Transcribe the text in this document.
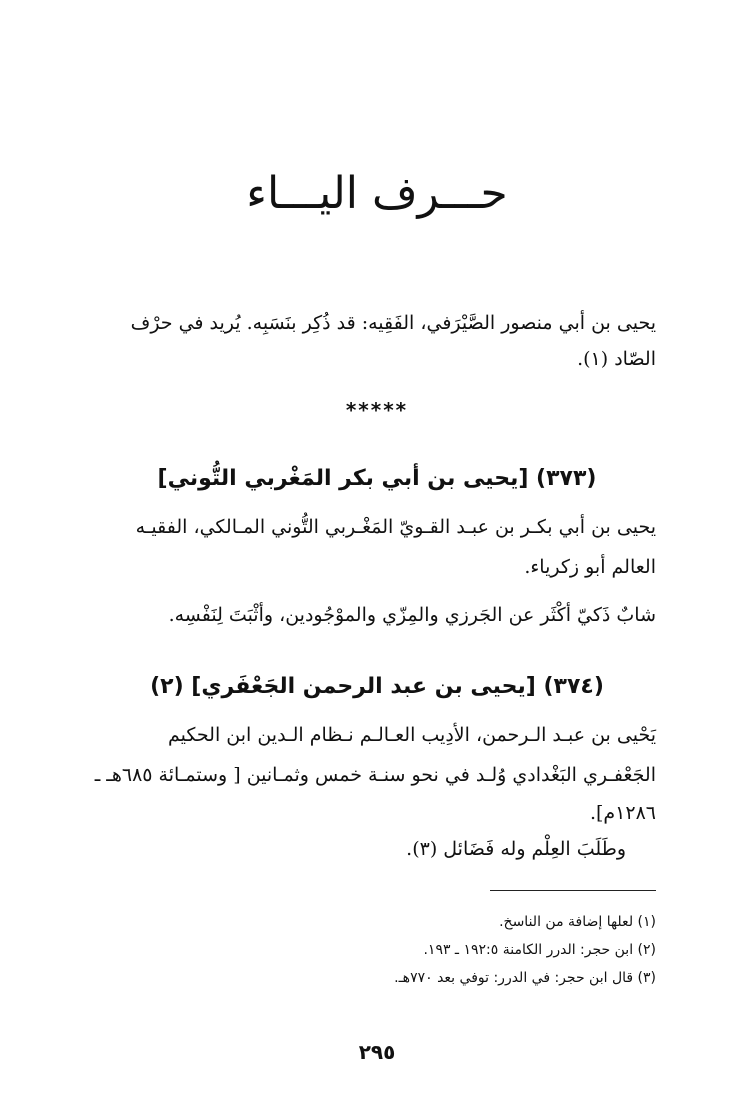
حـــرف اليـــاء
يحيى بن أبي منصور الصَّيْرَفي، الفَقِيه: قد ذُكِر بنَسَبِه. يُريد في حرْف
الصّاد (١).
*****
(٣٧٣) [يحيى بن أبي بكر المَغْربي التُّوني]
يحيى بن أبي بكـر بن عبـد القـويّ المَغْـربي التُّوني المـالكي، الفقيـه
العالم أبو زكرياء.
شابٌ ذَكيّ أكْثَر عن الجَرزي والمِزّي والموْجُودين، وأثْبَتَ لِنَفْسِه.
(٣٧٤) [يحيى بن عبد الرحمن الجَعْفَري] (٢)
يَحْيى بن عبـد الـرحمن، الأدِيب العـالـم نـظام الـدين ابن الحكيم
الجَعْفـري البَغْدادي وُلـد في نحو سنـة خمس وثمـانين [ وستمـائة ٦٨٥هـ ـ
١٢٨٦م].
وطَلَبَ العِلْم وله فَضَائل (٣).
(١) لعلها إضافة من الناسخ.
(٢) ابن حجر: الدرر الكامنة ١٩٢:٥ ـ ١٩٣.
(٣) قال ابن حجر: في الدرر: توفي بعد ٧٧٠هـ.
٢٩٥
